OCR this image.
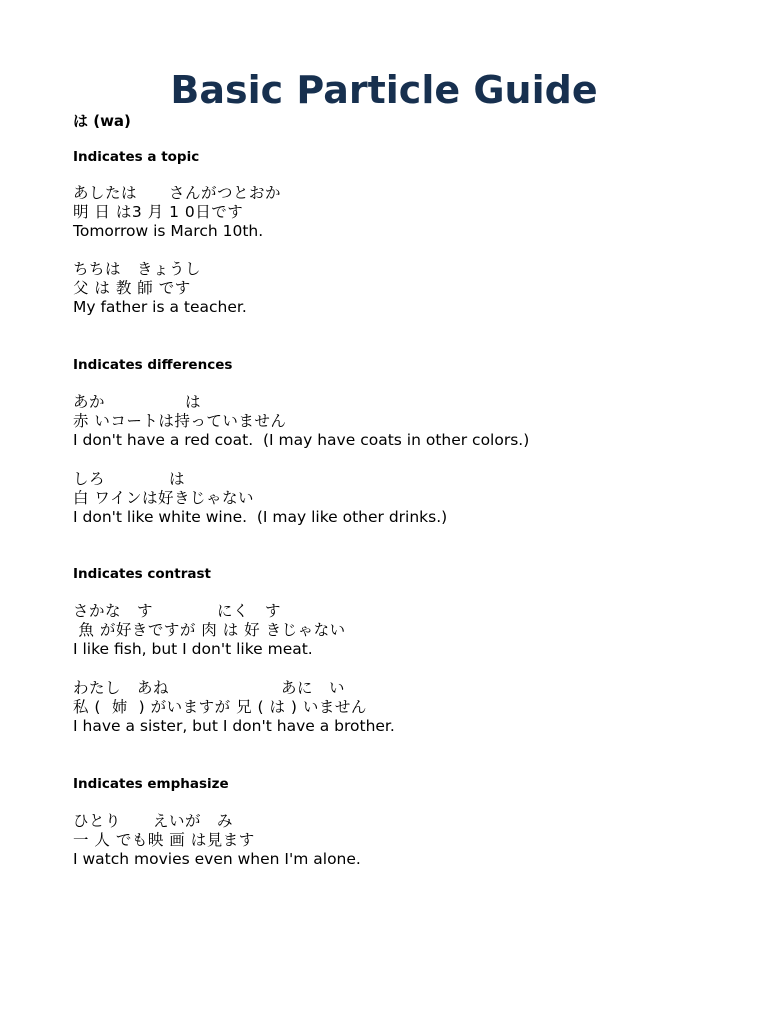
Basic Particle Guide
は (wa)
Indicates a topic
あしたは　　さんがつとおか
明 日 は3 月 1 0日です
Tomorrow is March 10th.
ちちは　きょうし
父 は 教 師 です
My father is a teacher.
Indicates differences
あか　　　　　は
赤 いコートは持っていません
I don't have a red coat.  (I may have coats in other colors.)
しろ　　　　は
白 ワインは好きじゃない
I don't like white wine.  (I may like other drinks.)
Indicates contrast
さかな　す　　　　にく　す
魚 が好きですが 肉 は 好 きじゃない
I like fish, but I don't like meat.
わたし　あね　　　　　　　あに　い
私 (  姉  ) がいますが 兄 ( は ) いません
I have a sister, but I don't have a brother.
Indicates emphasize
ひとり　　えいが　み
一 人 でも映 画 は見ます
I watch movies even when I'm alone.
